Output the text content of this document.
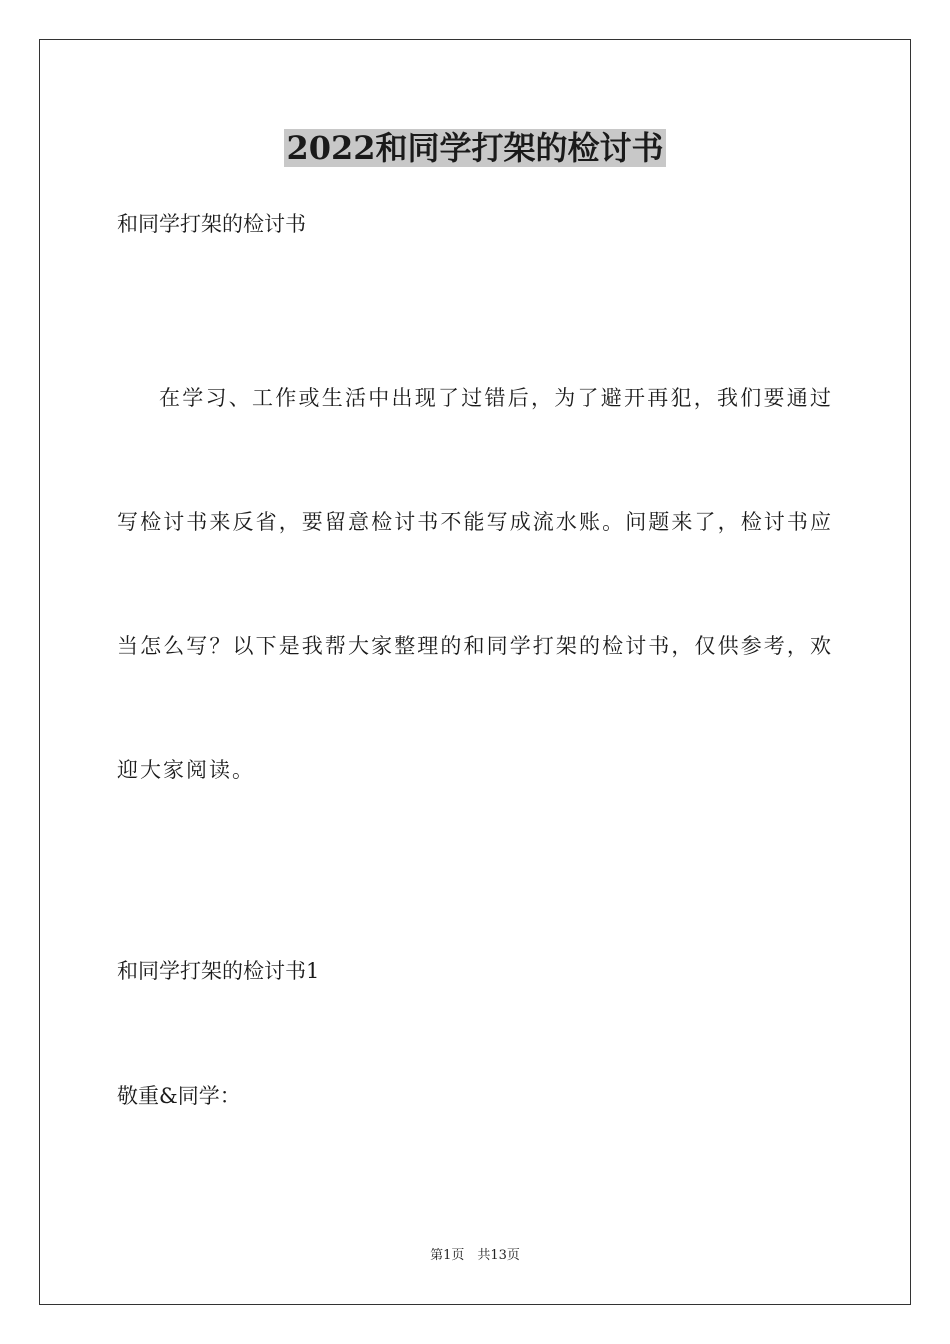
2022和同学打架的检讨书

和同学打架的检讨书

在学习、工作或生活中出现了过错后，为了避开再犯，我们要通过写检讨书来反省，要留意检讨书不能写成流水账。问题来了，检讨书应当怎么写？以下是我帮大家整理的和同学打架的检讨书，仅供参考，欢迎大家阅读。

和同学打架的检讨书1

敬重&同学：

第1页　共13页
